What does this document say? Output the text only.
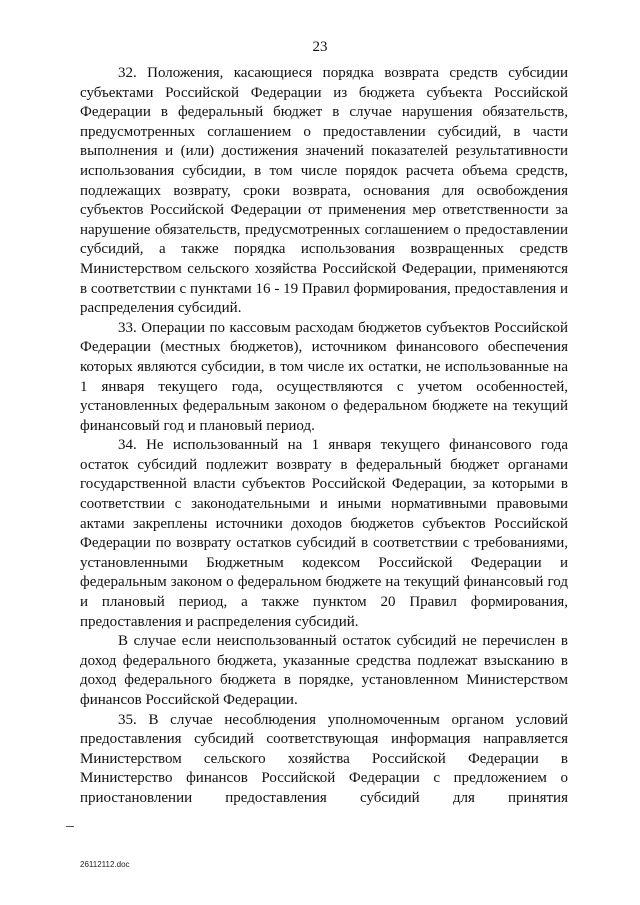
23

32. Положения, касающиеся порядка возврата средств субсидии субъектами Российской Федерации из бюджета субъекта Российской Федерации в федеральный бюджет в случае нарушения обязательств, предусмотренных соглашением о предоставлении субсидий, в части выполнения и (или) достижения значений показателей результативности использования субсидии, в том числе порядок расчета объема средств, подлежащих возврату, сроки возврата, основания для освобождения субъектов Российской Федерации от применения мер ответственности за нарушение обязательств, предусмотренных соглашением о предоставлении субсидий, а также порядка использования возвращенных средств Министерством сельского хозяйства Российской Федерации, применяются в соответствии с пунктами 16 - 19 Правил формирования, предоставления и распределения субсидий.

33. Операции по кассовым расходам бюджетов субъектов Российской Федерации (местных бюджетов), источником финансового обеспечения которых являются субсидии, в том числе их остатки, не использованные на 1 января текущего года, осуществляются с учетом особенностей, установленных федеральным законом о федеральном бюджете на текущий финансовый год и плановый период.

34. Не использованный на 1 января текущего финансового года остаток субсидий подлежит возврату в федеральный бюджет органами государственной власти субъектов Российской Федерации, за которыми в соответствии с законодательными и иными нормативными правовыми актами закреплены источники доходов бюджетов субъектов Российской Федерации по возврату остатков субсидий в соответствии с требованиями, установленными Бюджетным кодексом Российской Федерации и федеральным законом о федеральном бюджете на текущий финансовый год и плановый период, а также пунктом 20 Правил формирования, предоставления и распределения субсидий.

В случае если неиспользованный остаток субсидий не перечислен в доход федерального бюджета, указанные средства подлежат взысканию в доход федерального бюджета в порядке, установленном Министерством финансов Российской Федерации.

35. В случае несоблюдения уполномоченным органом условий предоставления субсидий соответствующая информация направляется Министерством сельского хозяйства Российской Федерации в Министерство финансов Российской Федерации с предложением о приостановлении предоставления субсидий для принятия

26112112.doc
